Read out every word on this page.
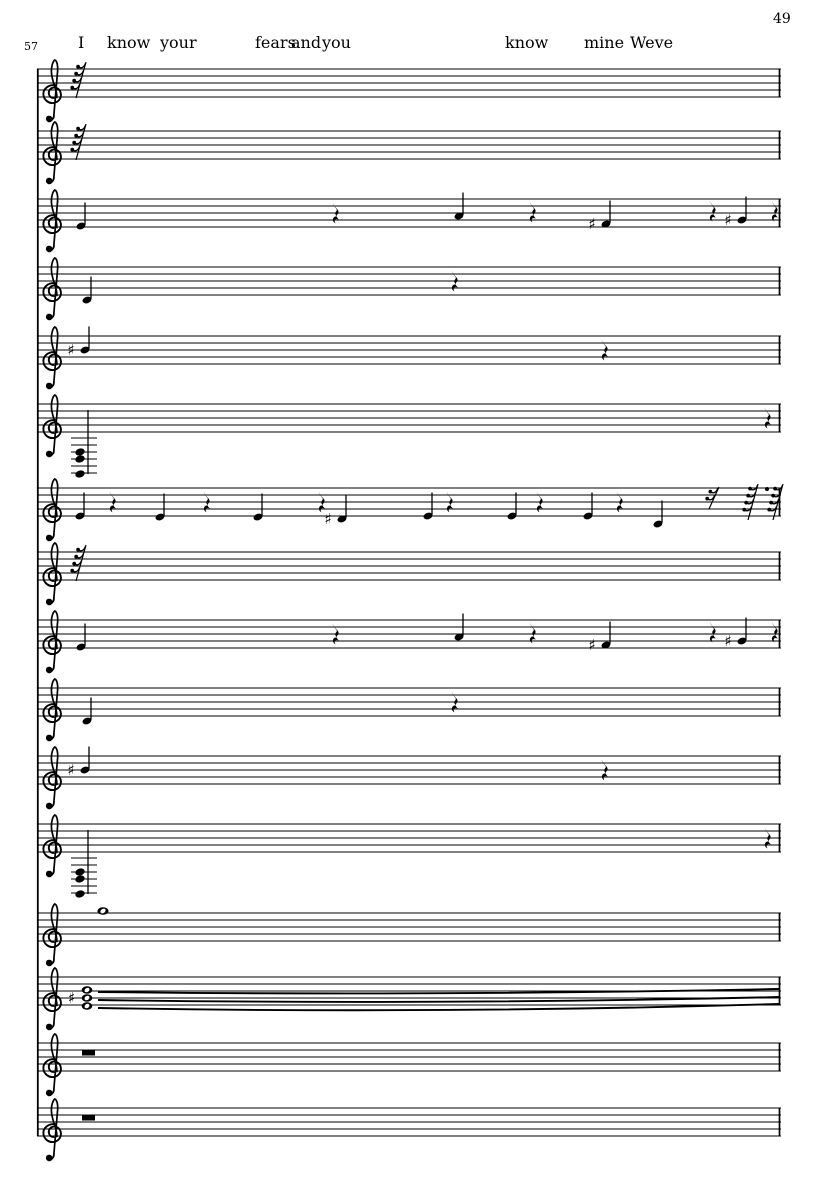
49
57	I know your	fears
and you	know mine Weve
♯	♯
♯
♯
♯	♯
♯
♯
